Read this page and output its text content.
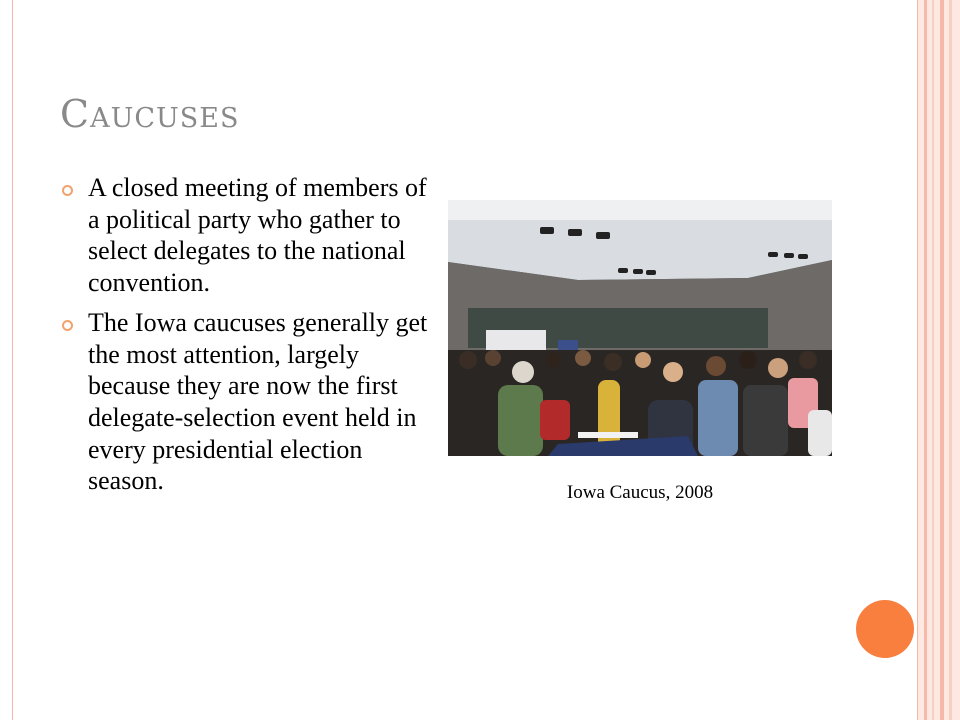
Caucuses
A closed meeting of members of a political party who gather to select delegates to the national convention.
The Iowa caucuses generally get the most attention, largely because they are now the first delegate-selection event held in every presidential election season.	Iowa Caucus, 2008
